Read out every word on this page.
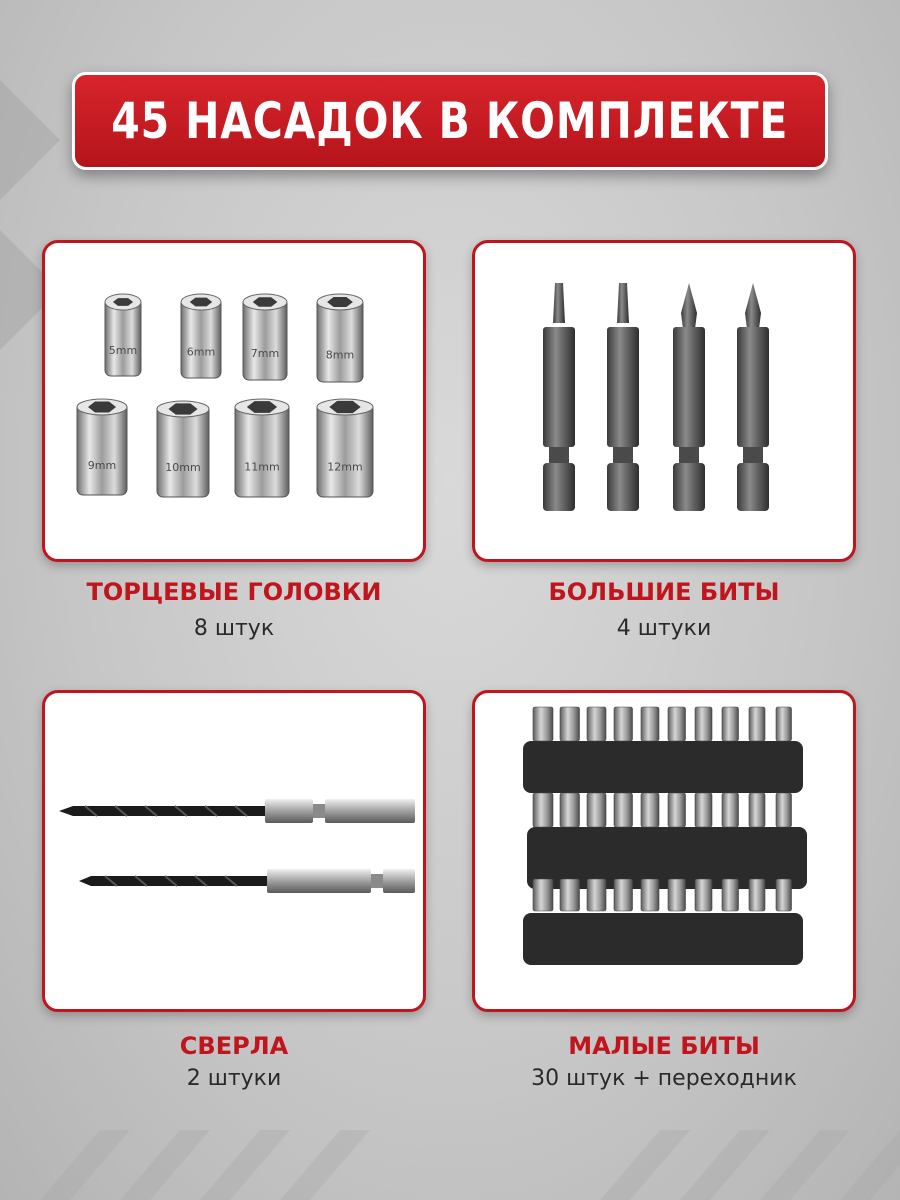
45 НАСАДОК В КОМПЛЕКТЕ
5mm	6mm	7mm	8mm
9mm	10mm	11mm	12mm
ТОРЦЕВЫЕ ГОЛОВКИ
8 штук
БОЛЬШИЕ БИТЫ
4 штуки
СВЕРЛА
2 штуки
МАЛЫЕ БИТЫ
30 штук + переходник
